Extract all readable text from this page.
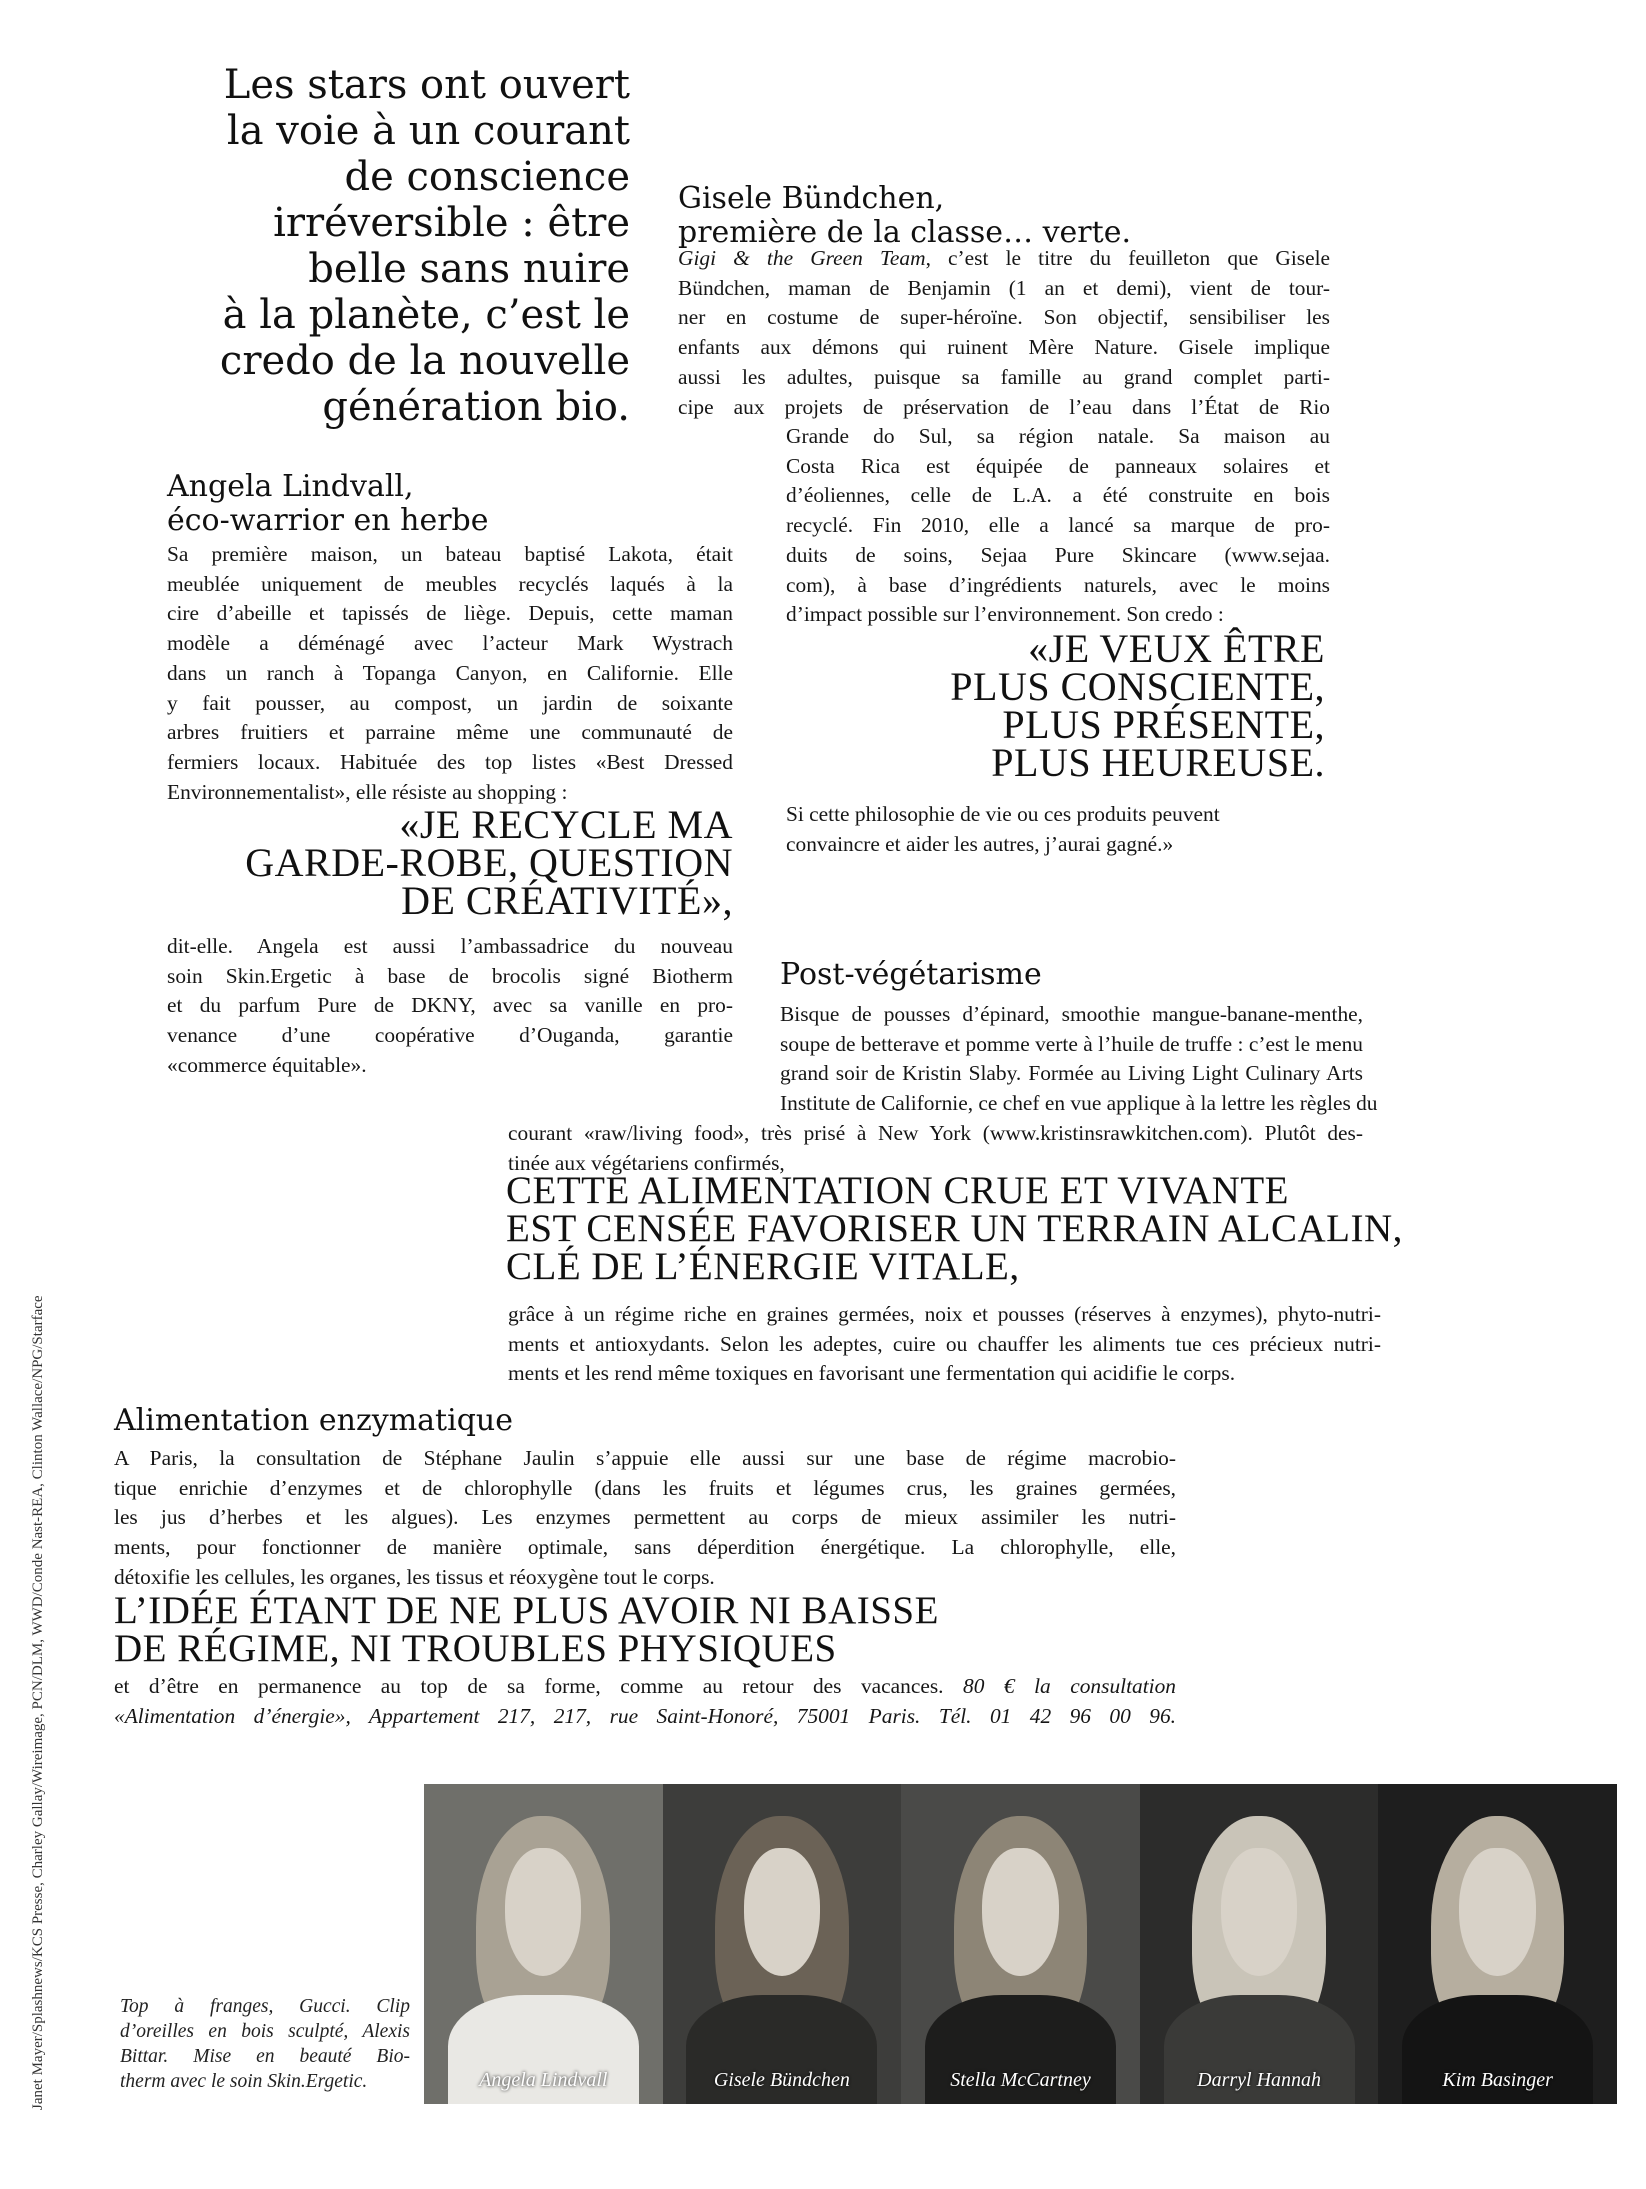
Les stars ont ouvert
la voie à un courant
de conscience
irréversible : être
belle sans nuire
à la planète, c’est le
credo de la nouvelle
génération bio.
Gisele Bündchen,
première de la classe… verte.
Gigi & the Green Team, c’est le titre du feuilleton que Gisele
Bündchen, maman de Benjamin (1 an et demi), vient de tour-
ner en costume de super-héroïne. Son objectif, sensibiliser les
enfants aux démons qui ruinent Mère Nature. Gisele implique
aussi les adultes, puisque sa famille au grand complet parti-
cipe aux projets de préservation de l’eau dans l’État de Rio
Grande do Sul, sa région natale. Sa maison au
Costa Rica est équipée de panneaux solaires et
d’éoliennes, celle de L.A. a été construite en bois
recyclé. Fin 2010, elle a lancé sa marque de pro-
duits de soins, Sejaa Pure Skincare (www.sejaa.
com), à base d’ingrédients naturels, avec le moins
d’impact possible sur l’environnement. Son credo :
«JE VEUX ÊTRE
PLUS CONSCIENTE,
PLUS PRÉSENTE,
PLUS HEUREUSE.
Si cette philosophie de vie ou ces produits peuvent
convaincre et aider les autres, j’aurai gagné.»
Angela Lindvall,
éco-warrior en herbe
Sa première maison, un bateau baptisé Lakota, était
meublée uniquement de meubles recyclés laqués à la
cire d’abeille et tapissés de liège. Depuis, cette maman
modèle a déménagé avec l’acteur Mark Wystrach
dans un ranch à Topanga Canyon, en Californie. Elle
y fait pousser, au compost, un jardin de soixante
arbres fruitiers et parraine même une communauté de
fermiers locaux. Habituée des top listes «Best Dressed
Environnementalist», elle résiste au shopping :
«JE RECYCLE MA
GARDE-ROBE, QUESTION
DE CRÉATIVITÉ»,
dit-elle. Angela est aussi l’ambassadrice du nouveau
soin Skin.Ergetic à base de brocolis signé Biotherm
et du parfum Pure de DKNY, avec sa vanille en pro-
venance d’une coopérative d’Ouganda, garantie
«commerce équitable».
Post-végétarisme
Bisque de pousses d’épinard, smoothie mangue-banane-menthe,
soupe de betterave et pomme verte à l’huile de truffe : c’est le menu
grand soir de Kristin Slaby. Formée au Living Light Culinary Arts
Institute de Californie, ce chef en vue applique à la lettre les règles du
courant «raw/living food», très prisé à New York (www.kristinsrawkitchen.com). Plutôt des-
tinée aux végétariens confirmés,
CETTE ALIMENTATION CRUE ET VIVANTE
EST CENSÉE FAVORISER UN TERRAIN ALCALIN,
CLÉ DE L’ÉNERGIE VITALE,
grâce à un régime riche en graines germées, noix et pousses (réserves à enzymes), phyto-nutri-
ments et antioxydants. Selon les adeptes, cuire ou chauffer les aliments tue ces précieux nutri-
ments et les rend même toxiques en favorisant une fermentation qui acidifie le corps.
Alimentation enzymatique
A Paris, la consultation de Stéphane Jaulin s’appuie elle aussi sur une base de régime macrobio-
tique enrichie d’enzymes et de chlorophylle (dans les fruits et légumes crus, les graines germées,
les jus d’herbes et les algues). Les enzymes permettent au corps de mieux assimiler les nutri-
ments, pour fonctionner de manière optimale, sans déperdition énergétique. La chlorophylle, elle,
détoxifie les cellules, les organes, les tissus et réoxygène tout le corps.
L’IDÉE ÉTANT DE NE PLUS AVOIR NI BAISSE
DE RÉGIME, NI TROUBLES PHYSIQUES
et d’être en permanence au top de sa forme, comme au retour des vacances. 80 € la consultation
«Alimentation d’énergie», Appartement 217, 217, rue Saint-Honoré, 75001 Paris. Tél. 01 42 96 00 96.
Angela Lindvall	Gisele Bündchen	Stella McCartney	Darryl Hannah	Kim Basinger
Top à franges, Gucci. Clip
d’oreilles en bois sculpté, Alexis
Bittar. Mise en beauté Bio-
therm avec le soin Skin.Ergetic.
Janet Mayer/Splashnews/KCS Presse, Charley Gallay/Wireimage, PCN/DLM, WWD/Conde Nast-REA, Clinton Wallace/NPG/Starface
